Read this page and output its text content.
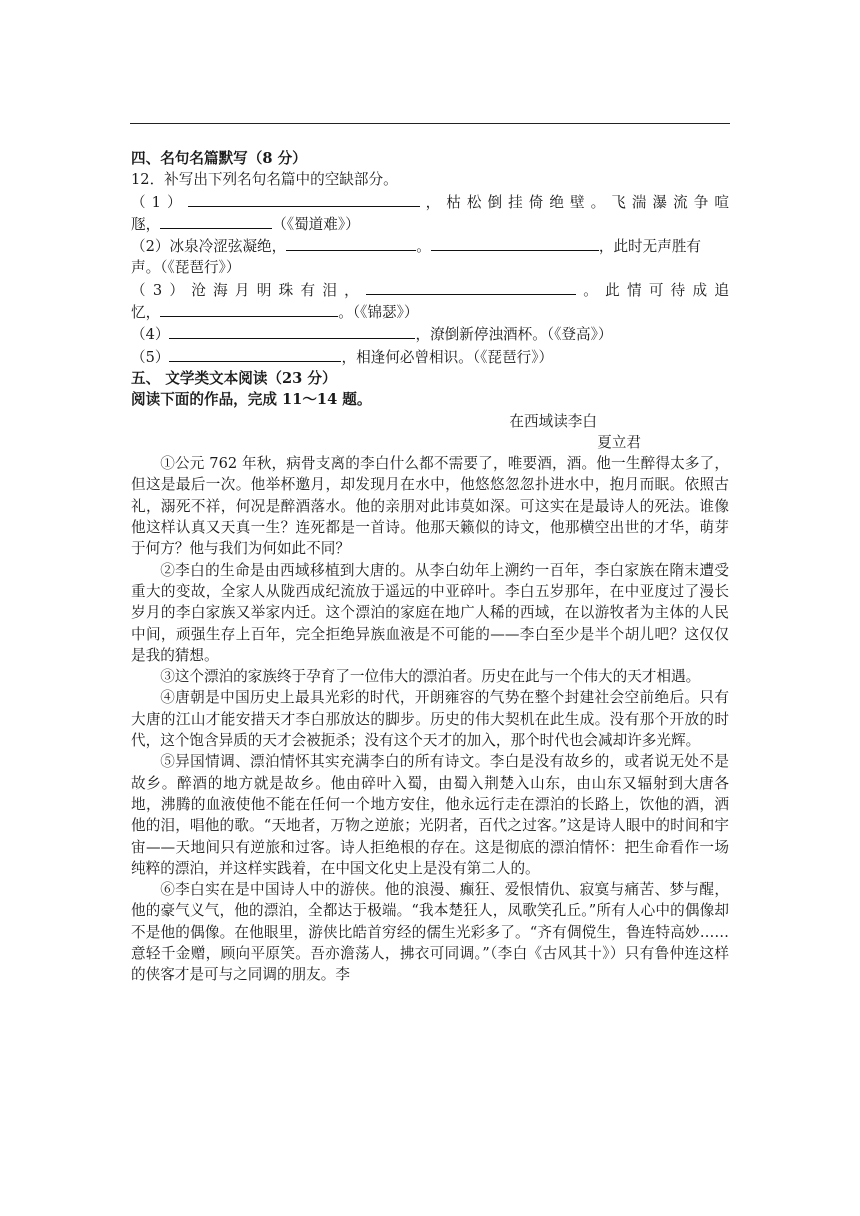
四、名句名篇默写（8 分）
12．补写出下列名句名篇中的空缺部分。
（1）	，枯松倒挂倚绝壁。飞湍瀑流争喧
豗，	（《蜀道难》）
（2）冰泉冷涩弦凝绝，	。	，此时无声胜有
声。（《琵琶行》）
（3）沧海月明珠有泪，	。此情可待成追
忆，	。（《锦瑟》）
（4）	，潦倒新停浊酒杯。（《登高》）
（5）	，相逢何必曾相识。（《琵琶行》）
五、 文学类文本阅读（23 分）
阅读下面的作品，完成 11～14 题。
在西域读李白
夏立君

①公元 762 年秋，病骨支离的李白什么都不需要了，唯要酒，酒。他一生醉得太多了，但这是最后一次。他举杯邀月，却发现月在水中，他悠悠忽忽扑进水中，抱月而眠。依照古礼，溺死不祥，何况是醉酒落水。他的亲朋对此讳莫如深。可这实在是最诗人的死法。谁像他这样认真又天真一生？连死都是一首诗。他那天籁似的诗文，他那横空出世的才华，萌芽于何方？他与我们为何如此不同？

②李白的生命是由西域移植到大唐的。从李白幼年上溯约一百年，李白家族在隋末遭受重大的变故，全家人从陇西成纪流放于遥远的中亚碎叶。李白五岁那年，在中亚度过了漫长岁月的李白家族又举家内迁。这个漂泊的家庭在地广人稀的西域，在以游牧者为主体的人民中间，顽强生存上百年，完全拒绝异族血液是不可能的——李白至少是半个胡儿吧？这仅仅是我的猜想。

③这个漂泊的家族终于孕育了一位伟大的漂泊者。历史在此与一个伟大的天才相遇。

④唐朝是中国历史上最具光彩的时代，开朗雍容的气势在整个封建社会空前绝后。只有大唐的江山才能安措天才李白那放达的脚步。历史的伟大契机在此生成。没有那个开放的时代，这个饱含异质的天才会被扼杀；没有这个天才的加入，那个时代也会减却许多光辉。

⑤异国情调、漂泊情怀其实充满李白的所有诗文。李白是没有故乡的，或者说无处不是故乡。醉酒的地方就是故乡。他由碎叶入蜀，由蜀入荆楚入山东，由山东又辐射到大唐各地，沸腾的血液使他不能在任何一个地方安住，他永远行走在漂泊的长路上，饮他的酒，洒他的泪，唱他的歌。“天地者，万物之逆旅；光阴者，百代之过客。”这是诗人眼中的时间和宇宙——天地间只有逆旅和过客。诗人拒绝根的存在。这是彻底的漂泊情怀：把生命看作一场纯粹的漂泊，并这样实践着，在中国文化史上是没有第二人的。

⑥李白实在是中国诗人中的游侠。他的浪漫、癫狂、爱恨情仇、寂寞与痛苦、梦与醒，他的豪气义气，他的漂泊，全都达于极端。“我本楚狂人，凤歌笑孔丘。”所有人心中的偶像却不是他的偶像。在他眼里，游侠比皓首穷经的儒生光彩多了。“齐有倜傥生，鲁连特高妙……意轻千金赠，顾向平原笑。吾亦澹荡人，拂衣可同调。”（李白《古风其十》）只有鲁仲连这样的侠客才是可与之同调的朋友。李
